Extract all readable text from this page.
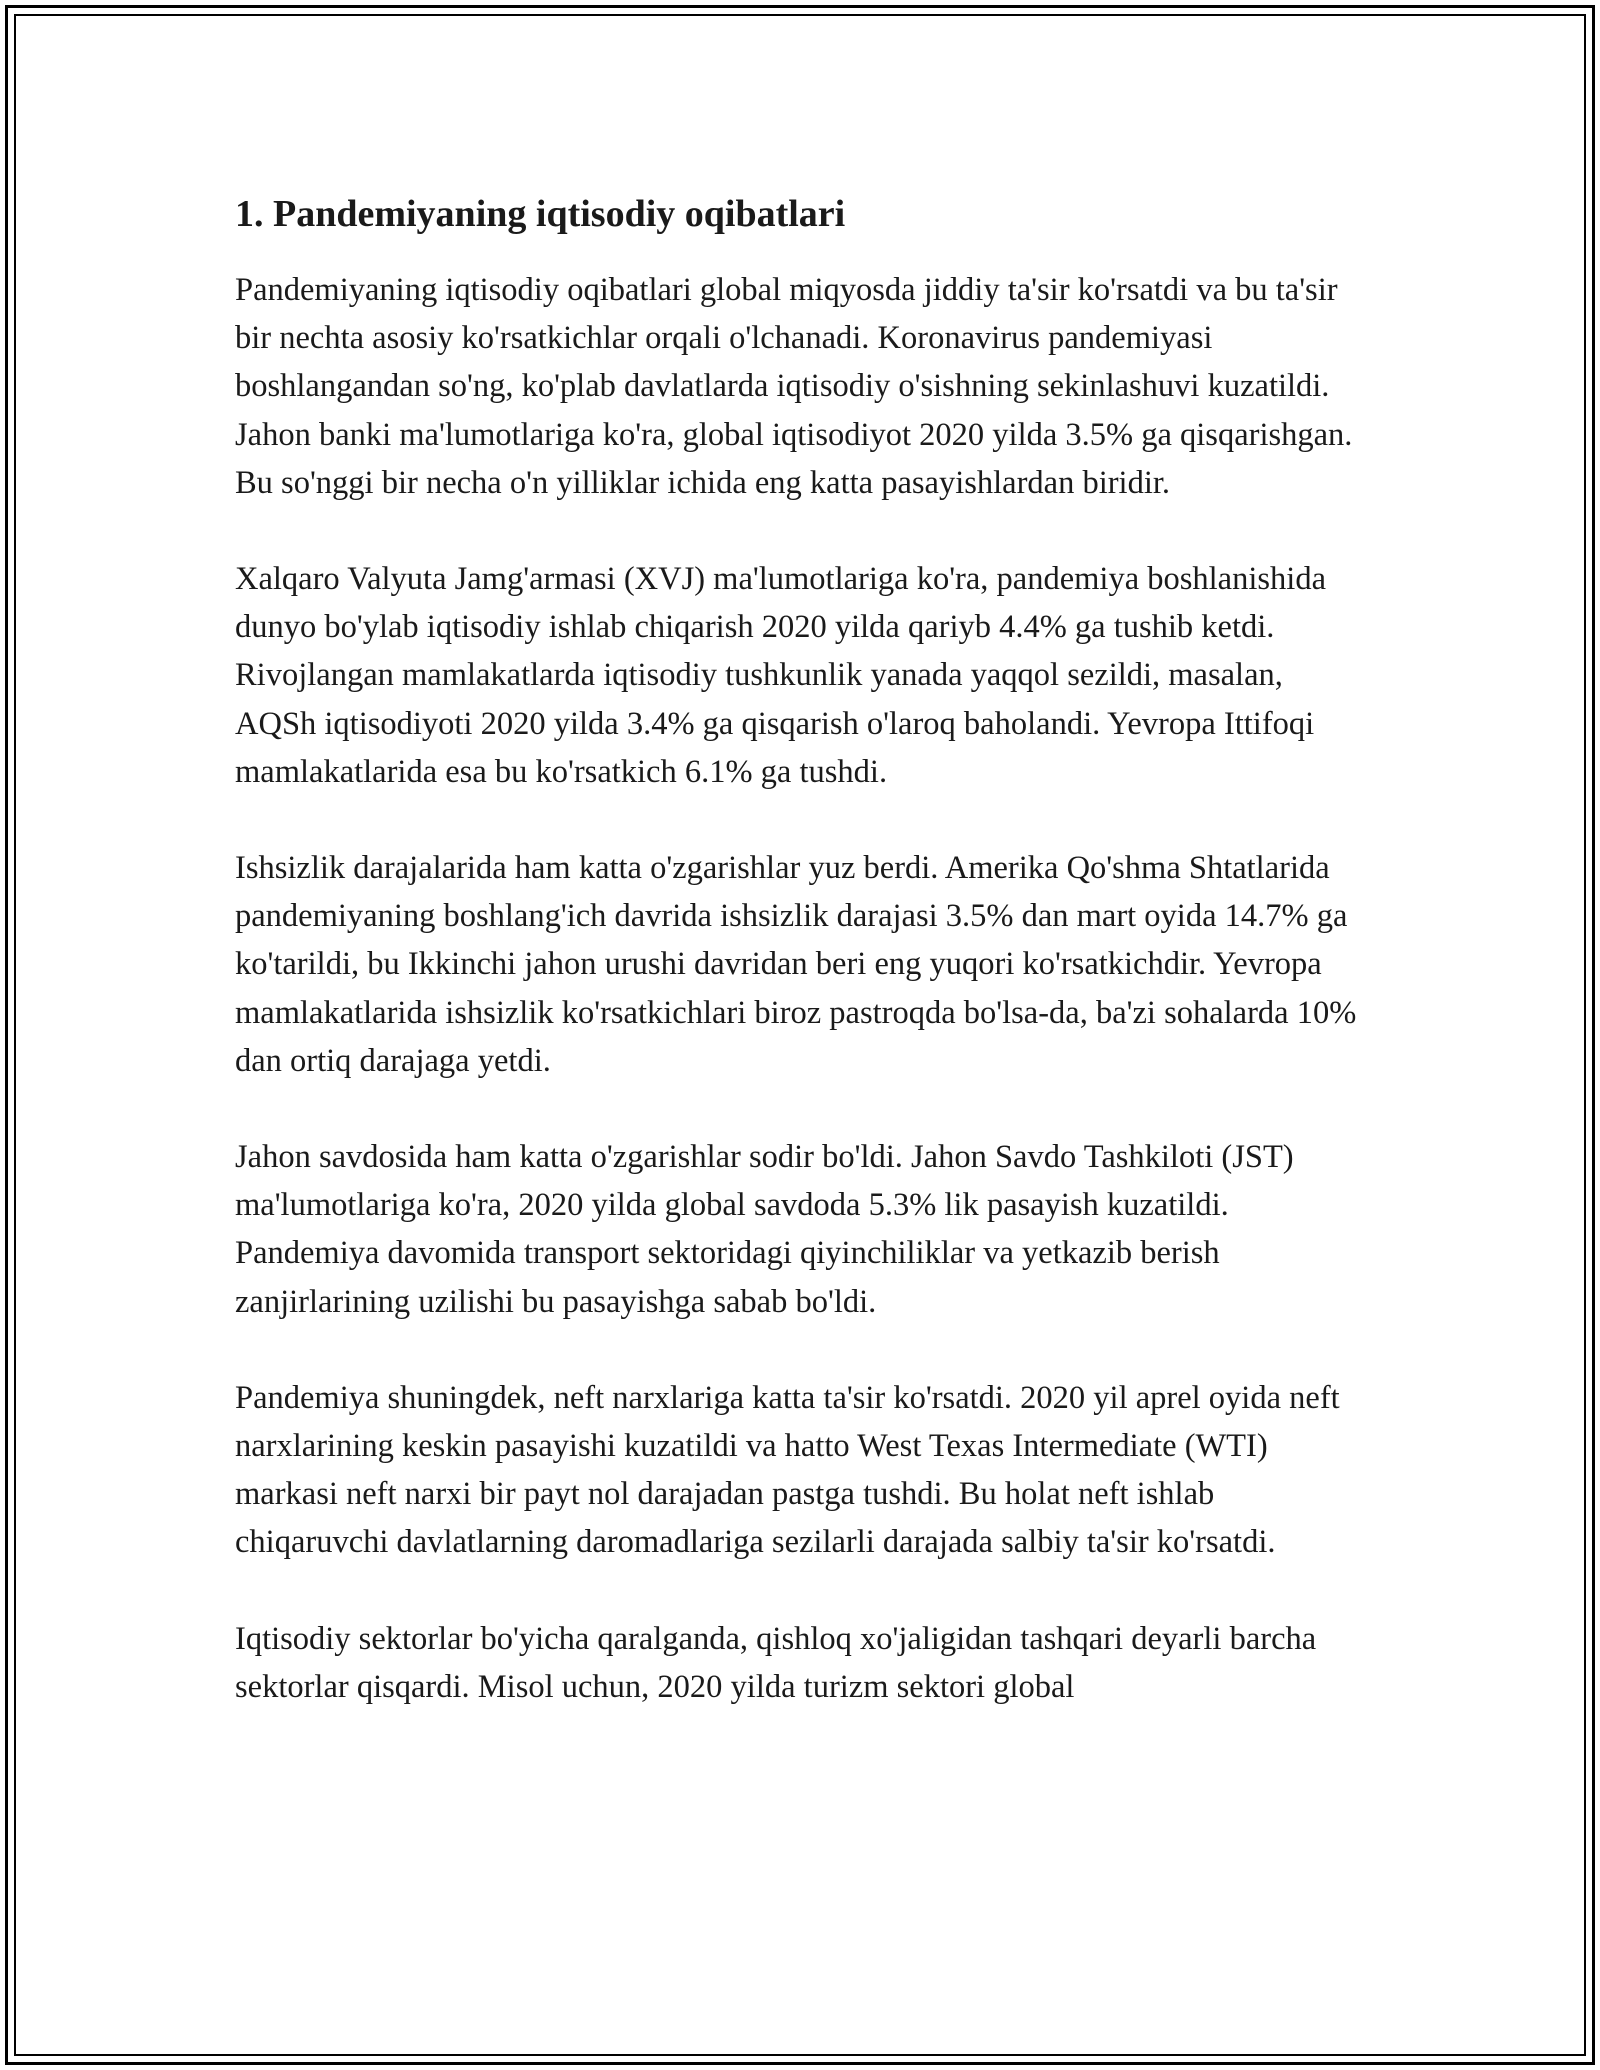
1. Pandemiyaning iqtisodiy oqibatlari

Pandemiyaning iqtisodiy oqibatlari global miqyosda jiddiy ta'sir ko'rsatdi va bu ta'sir bir nechta asosiy ko'rsatkichlar orqali o'lchanadi. Koronavirus pandemiyasi boshlangandan so'ng, ko'plab davlatlarda iqtisodiy o'sishning sekinlashuvi kuzatildi. Jahon banki ma'lumotlariga ko'ra, global iqtisodiyot 2020 yilda 3.5% ga qisqarishgan. Bu so'nggi bir necha o'n yilliklar ichida eng katta pasayishlardan biridir.

Xalqaro Valyuta Jamg'armasi (XVJ) ma'lumotlariga ko'ra, pandemiya boshlanishida dunyo bo'ylab iqtisodiy ishlab chiqarish 2020 yilda qariyb 4.4% ga tushib ketdi. Rivojlangan mamlakatlarda iqtisodiy tushkunlik yanada yaqqol sezildi, masalan, AQSh iqtisodiyoti 2020 yilda 3.4% ga qisqarish o'laroq baholandi. Yevropa Ittifoqi mamlakatlarida esa bu ko'rsatkich 6.1% ga tushdi.

Ishsizlik darajalarida ham katta o'zgarishlar yuz berdi. Amerika Qo'shma Shtatlarida pandemiyaning boshlang'ich davrida ishsizlik darajasi 3.5% dan mart oyida 14.7% ga ko'tarildi, bu Ikkinchi jahon urushi davridan beri eng yuqori ko'rsatkichdir. Yevropa mamlakatlarida ishsizlik ko'rsatkichlari biroz pastroqda bo'lsa-da, ba'zi sohalarda 10% dan ortiq darajaga yetdi.

Jahon savdosida ham katta o'zgarishlar sodir bo'ldi. Jahon Savdo Tashkiloti (JST) ma'lumotlariga ko'ra, 2020 yilda global savdoda 5.3% lik pasayish kuzatildi. Pandemiya davomida transport sektoridagi qiyinchiliklar va yetkazib berish zanjirlarining uzilishi bu pasayishga sabab bo'ldi.

Pandemiya shuningdek, neft narxlariga katta ta'sir ko'rsatdi. 2020 yil aprel oyida neft narxlarining keskin pasayishi kuzatildi va hatto West Texas Intermediate (WTI) markasi neft narxi bir payt nol darajadan pastga tushdi. Bu holat neft ishlab chiqaruvchi davlatlarning daromadlariga sezilarli darajada salbiy ta'sir ko'rsatdi.

Iqtisodiy sektorlar bo'yicha qaralganda, qishloq xo'jaligidan tashqari deyarli barcha sektorlar qisqardi. Misol uchun, 2020 yilda turizm sektori global
